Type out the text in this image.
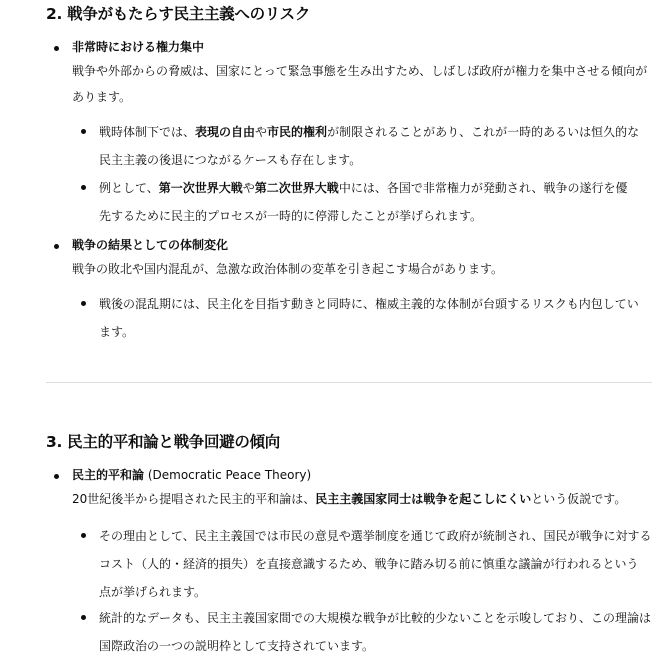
2. 戦争がもたらす民主主義へのリスク
非常時における権力集中
戦争や外部からの脅威は、国家にとって緊急事態を生み出すため、しばしば政府が権力を集中させる傾向が
あります。
戦時体制下では、表現の自由や市民的権利が制限されることがあり、これが一時的あるいは恒久的な
民主主義の後退につながるケースも存在します。
例として、第一次世界大戦や第二次世界大戦中には、各国で非常権力が発動され、戦争の遂行を優
先するために民主的プロセスが一時的に停滞したことが挙げられます。
戦争の結果としての体制変化
戦争の敗北や国内混乱が、急激な政治体制の変革を引き起こす場合があります。
戦後の混乱期には、民主化を目指す動きと同時に、権威主義的な体制が台頭するリスクも内包してい
ます。
3. 民主的平和論と戦争回避の傾向
民主的平和論 (Democratic Peace Theory)
20世紀後半から提唱された民主的平和論は、民主主義国家同士は戦争を起こしにくいという仮説です。
その理由として、民主主義国では市民の意見や選挙制度を通じて政府が統制され、国民が戦争に対する
コスト（人的・経済的損失）を直接意識するため、戦争に踏み切る前に慎重な議論が行われるという
点が挙げられます。
統計的なデータも、民主主義国家間での大規模な戦争が比較的少ないことを示唆しており、この理論は
国際政治の一つの説明枠として支持されています。
